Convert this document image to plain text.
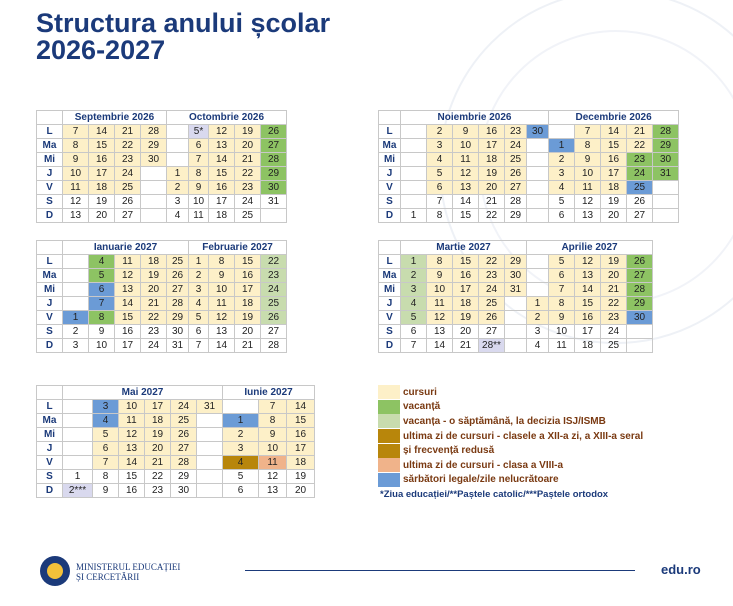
Structura anului școlar
2026-2027
	Septembrie 2026				Octombrie 2026				
L	7	14	21	28		5*	12	19	26
Ma	8	15	22	29		6	13	20	27
Mi	9	16	23	30		7	14	21	28
J	10	17	24		1	8	15	22	29
V	11	18	25		2	9	16	23	30
S	12	19	26		3	10	17	24	31
D	13	20	27		4	11	18	25	
	Noiembrie 2026						Decembrie 2026				
L		2	9	16	23	30		7	14	21	28
Ma		3	10	17	24		1	8	15	22	29
Mi		4	11	18	25		2	9	16	23	30
J		5	12	19	26		3	10	17	24	31
V		6	13	20	27		4	11	18	25	
S		7	14	21	28		5	12	19	26	
D	1	8	15	22	29		6	13	20	27	
	Ianuarie 2027					Februarie 2027			
L		4	11	18	25	1	8	15	22
Ma		5	12	19	26	2	9	16	23
Mi		6	13	20	27	3	10	17	24
J		7	14	21	28	4	11	18	25
V	1	8	15	22	29	5	12	19	26
S	2	9	16	23	30	6	13	20	27
D	3	10	17	24	31	7	14	21	28
	Martie 2027					Aprilie 2027				
L	1	8	15	22	29		5	12	19	26
Ma	2	9	16	23	30		6	13	20	27
Mi	3	10	17	24	31		7	14	21	28
J	4	11	18	25		1	8	15	22	29
V	5	12	19	26		2	9	16	23	30
S	6	13	20	27		3	10	17	24	
D	7	14	21	28**		4	11	18	25	
	Mai 2027						Iunie 2027		
L		3	10	17	24	31		7	14
Ma		4	11	18	25		1	8	15
Mi		5	12	19	26		2	9	16
J		6	13	20	27		3	10	17
V		7	14	21	28		4	11	18
S	1	8	15	22	29		5	12	19
D	2***	9	16	23	30		6	13	20
cursuri
vacanță
vacanța - o săptămână, la decizia ISJ/ISMB
ultima zi de cursuri - clasele a XII-a zi, a XIII-a seral
și frecvență redusă
ultima zi de cursuri - clasa a VIII-a
sărbători legale/zile nelucrătoare
*Ziua educației/**Paștele catolic/***Paștele ortodox
MINISTERUL EDUCAȚIEI
ȘI CERCETĂRII	edu.ro
